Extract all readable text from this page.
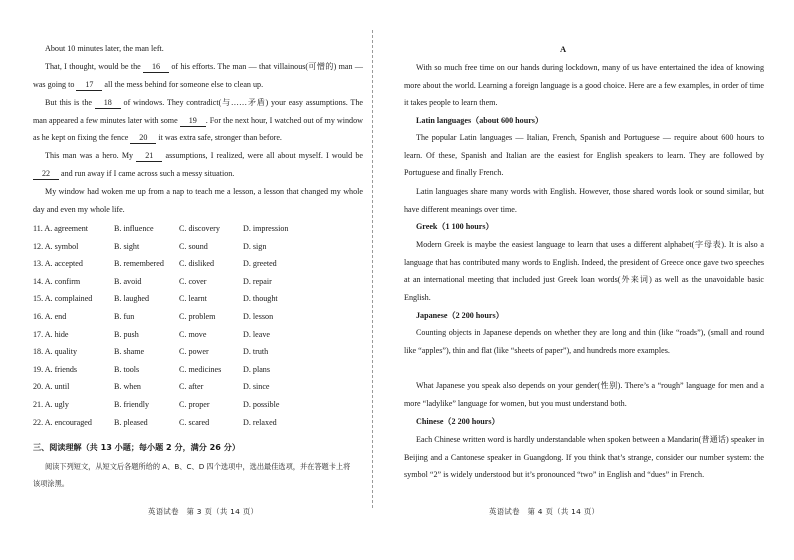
About 10 minutes later, the man left.

That, I thought, would be the 16 of his efforts. The man — that villainous(可憎的) man — was going to 17 all the mess behind for someone else to clean up.

But this is the 18 of windows. They contradict(与……矛盾) your easy assumptions. The man appeared a few minutes later with some 19 . For the next hour, I watched out of my window as he kept on fixing the fence 20 it was extra safe, stronger than before.

This man was a hero. My 21 assumptions, I realized, were all about myself. I would be 22 and run away if I came across such a messy situation.

My window had woken me up from a nap to teach me a lesson, a lesson that changed my whole day and even my whole life.

11. A. agreement	B. influence	C. discovery	D. impression
12. A. symbol	B. sight	C. sound	D. sign
13. A. accepted	B. remembered C. disliked	D. greeted
14. A. confirm	B. avoid	C. cover	D. repair
15. A. complained	B. laughed	C. learnt	D. thought
16. A. end	B. fun	C. problem	D. lesson
17. A. hide	B. push	C. move	D. leave
18. A. quality	B. shame	C. power	D. truth
19. A. friends	B. tools	C. medicines	D. plans
20. A. until	B. when	C. after	D. since
21. A. ugly	B. friendly	C. proper	D. possible
22. A. encouraged	B. pleased	C. scared	D. relaxed

三、阅读理解（共 13 小题；每小题 2 分，满分 26 分）

阅读下列短文，从短文后各题所给的 A、B、C、D 四个选项中，选出最佳选项，并在答题卡上将该项涂黑。

英语试卷　第 3 页（共 14 页）
A

With so much free time on our hands during lockdown, many of us have entertained the idea of knowing more about the world. Learning a foreign language is a good choice. Here are a few examples, in order of time it takes people to learn them.

Latin languages（about 600 hours）

The popular Latin languages — Italian, French, Spanish and Portuguese — require about 600 hours to learn. Of these, Spanish and Italian are the easiest for English speakers to learn. They are followed by Portuguese and finally French.

Latin languages share many words with English. However, those shared words look or sound similar, but have different meanings over time.

Greek（1 100 hours）

Modern Greek is maybe the easiest language to learn that uses a different alphabet(字母表). It is also a language that has contributed many words to English. Indeed, the president of Greece once gave two speeches at an international meeting that included just Greek loan words(外来词) as well as the unavoidable basic English.

Japanese（2 200 hours）

Counting objects in Japanese depends on whether they are long and thin (like “roads”), (small and round like “apples”), thin and flat (like “sheets of paper”), and hundreds more examples.

What Japanese you speak also depends on your gender(性别). There’s a “rough” language for men and a more “ladylike” language for women, but you must understand both.

Chinese（2 200 hours）

Each Chinese written word is hardly understandable when spoken between a Mandarin(普通话) speaker in Beijing and a Cantonese speaker in Guangdong. If you think that’s strange, consider our number system: the symbol “2” is widely understood but it’s pronounced “two” in English and “dues” in French.

英语试卷　第 4 页（共 14 页）
